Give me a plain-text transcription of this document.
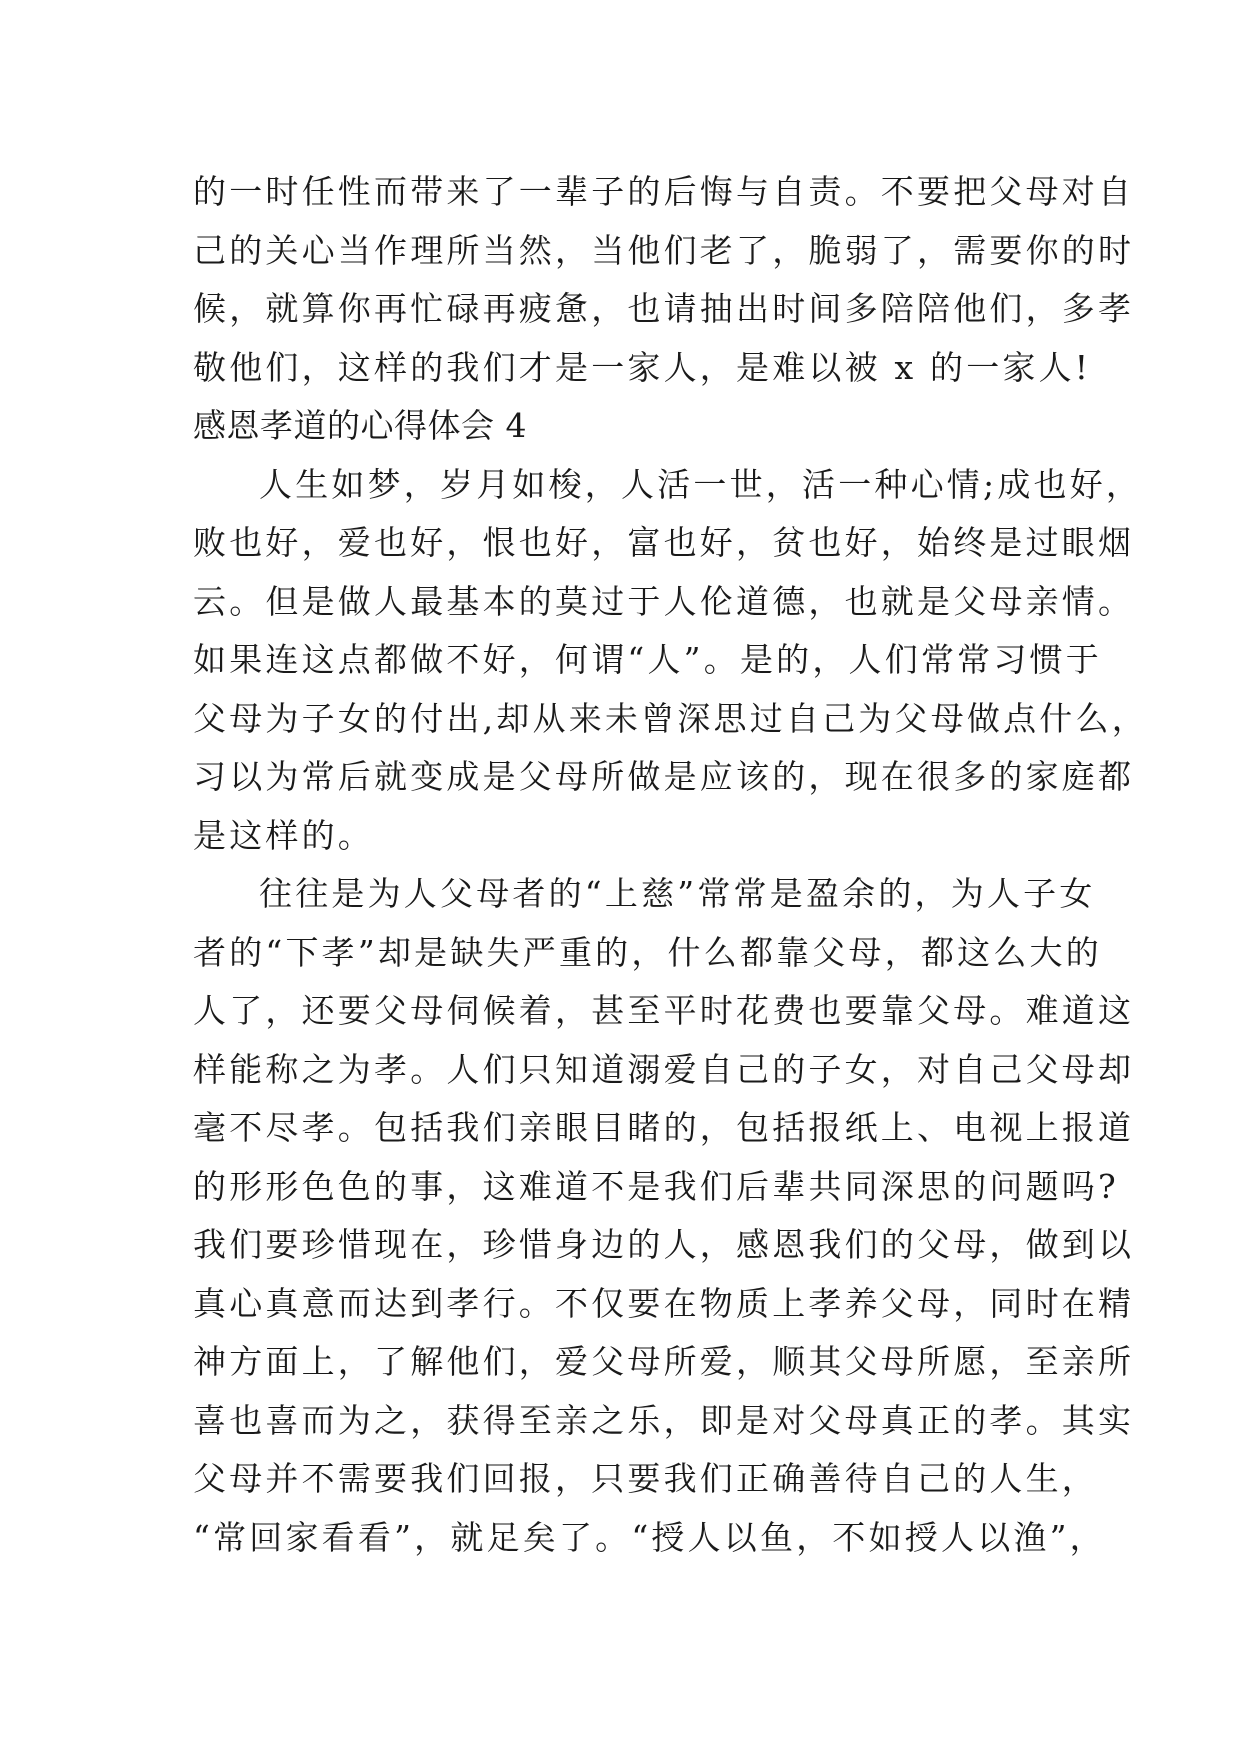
的一时任性而带来了一辈子的后悔与自责。不要把父母对自
己的关心当作理所当然，当他们老了，脆弱了，需要你的时
候，就算你再忙碌再疲惫，也请抽出时间多陪陪他们，多孝
敬他们，这样的我们才是一家人，是难以被 x 的一家人!
感恩孝道的心得体会 4
人生如梦，岁月如梭，人活一世，活一种心情;成也好，
败也好，爱也好，恨也好，富也好，贫也好，始终是过眼烟
云。但是做人最基本的莫过于人伦道德，也就是父母亲情。
如果连这点都做不好，何谓“人”。是的，人们常常习惯于
父母为子女的付出,却从来未曾深思过自己为父母做点什么，
习以为常后就变成是父母所做是应该的，现在很多的家庭都
是这样的。
往往是为人父母者的“上慈”常常是盈余的，为人子女
者的“下孝”却是缺失严重的，什么都靠父母，都这么大的
人了，还要父母伺候着，甚至平时花费也要靠父母。难道这
样能称之为孝。人们只知道溺爱自己的子女，对自己父母却
毫不尽孝。包括我们亲眼目睹的，包括报纸上、电视上报道
的形形色色的事，这难道不是我们后辈共同深思的问题吗?
我们要珍惜现在，珍惜身边的人，感恩我们的父母，做到以
真心真意而达到孝行。不仅要在物质上孝养父母，同时在精
神方面上，了解他们，爱父母所爱，顺其父母所愿，至亲所
喜也喜而为之，获得至亲之乐，即是对父母真正的孝。其实
父母并不需要我们回报，只要我们正确善待自己的人生，
“常回家看看”，就足矣了。“授人以鱼，不如授人以渔”，
